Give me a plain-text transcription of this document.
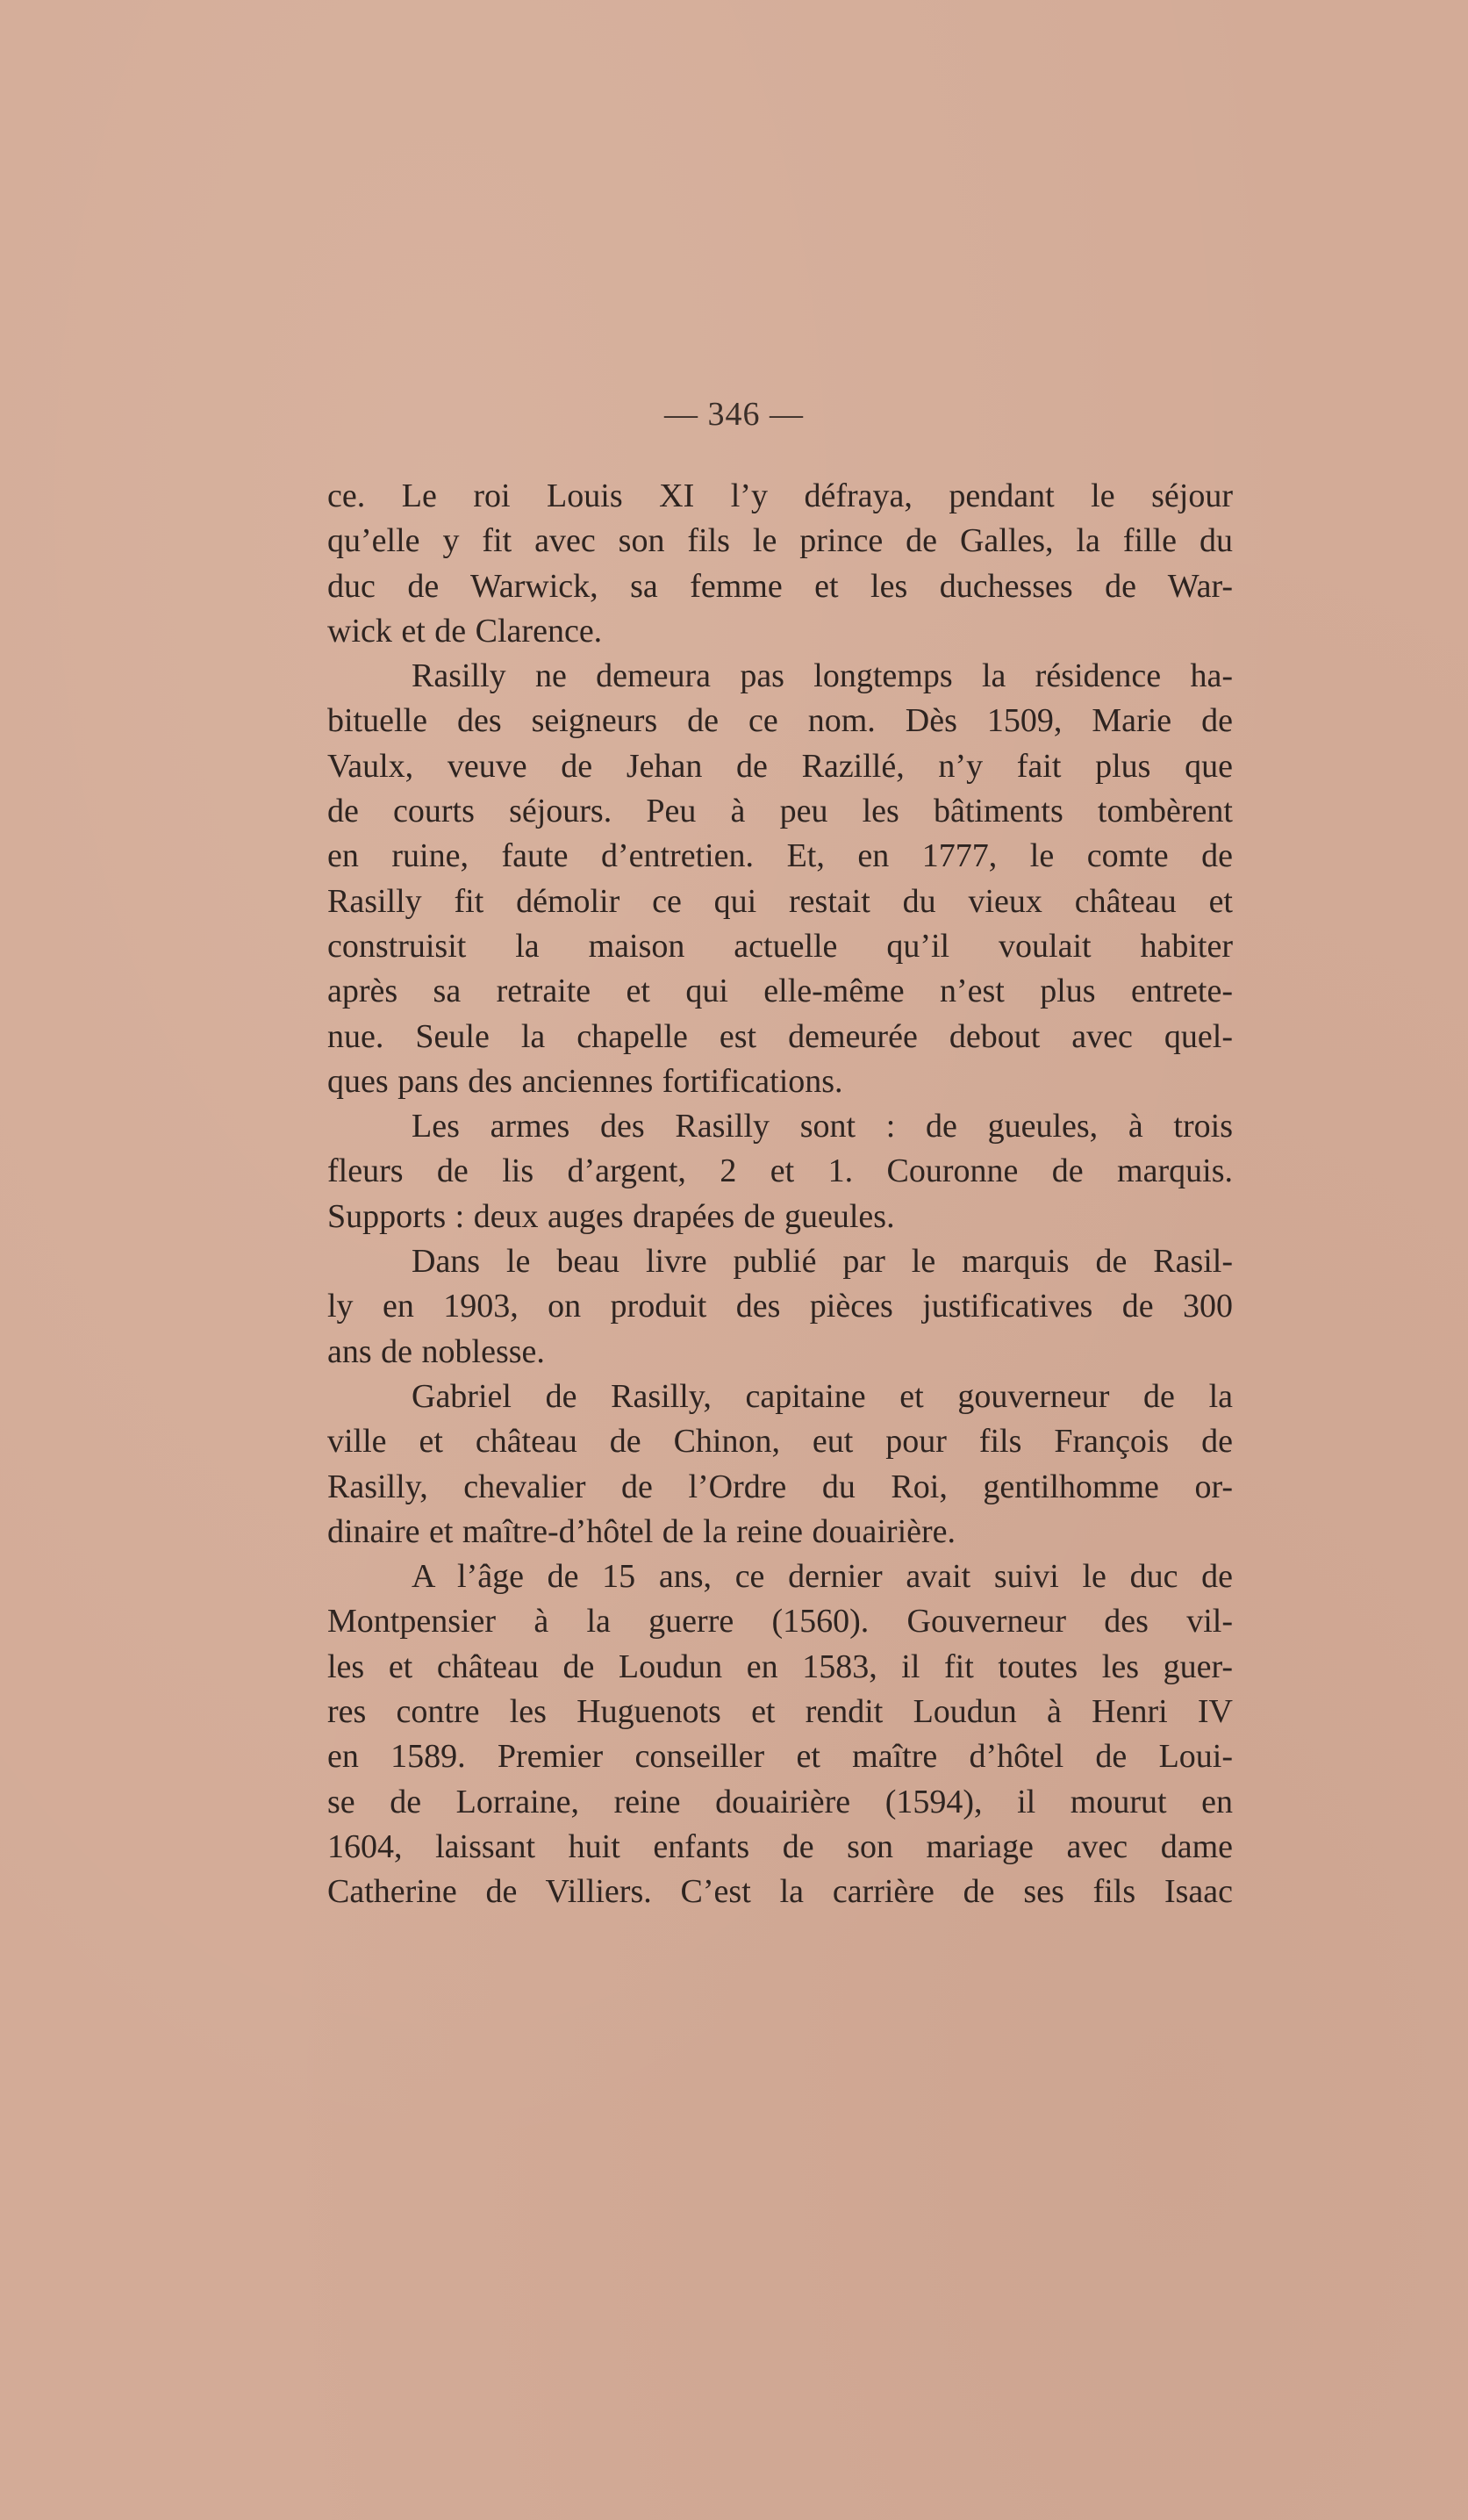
— 346 —
ce. Le roi Louis XI l’y défraya, pendant le séjour
qu’elle y fit avec son fils le prince de Galles, la fille du
duc de Warwick, sa femme et les duchesses de War-
wick et de Clarence.
Rasilly ne demeura pas longtemps la résidence ha-
bituelle des seigneurs de ce nom. Dès 1509, Marie de
Vaulx, veuve de Jehan de Razillé, n’y fait plus que
de courts séjours. Peu à peu les bâtiments tombèrent
en ruine, faute d’entretien. Et, en 1777, le comte de
Rasilly fit démolir ce qui restait du vieux château et
construisit la maison actuelle qu’il voulait habiter
après sa retraite et qui elle-même n’est plus entrete-
nue. Seule la chapelle est demeurée debout avec quel-
ques pans des anciennes fortifications.
Les armes des Rasilly sont : de gueules, à trois
fleurs de lis d’argent, 2 et 1. Couronne de marquis.
Supports : deux auges drapées de gueules.
Dans le beau livre publié par le marquis de Rasil-
ly en 1903, on produit des pièces justificatives de 300
ans de noblesse.
Gabriel de Rasilly, capitaine et gouverneur de la
ville et château de Chinon, eut pour fils François de
Rasilly, chevalier de l’Ordre du Roi, gentilhomme or-
dinaire et maître-d’hôtel de la reine douairière.
A l’âge de 15 ans, ce dernier avait suivi le duc de
Montpensier à la guerre (1560). Gouverneur des vil-
les et château de Loudun en 1583, il fit toutes les guer-
res contre les Huguenots et rendit Loudun à Henri IV
en 1589. Premier conseiller et maître d’hôtel de Loui-
se de Lorraine, reine douairière (1594), il mourut en
1604, laissant huit enfants de son mariage avec dame
Catherine de Villiers. C’est la carrière de ses fils Isaac
